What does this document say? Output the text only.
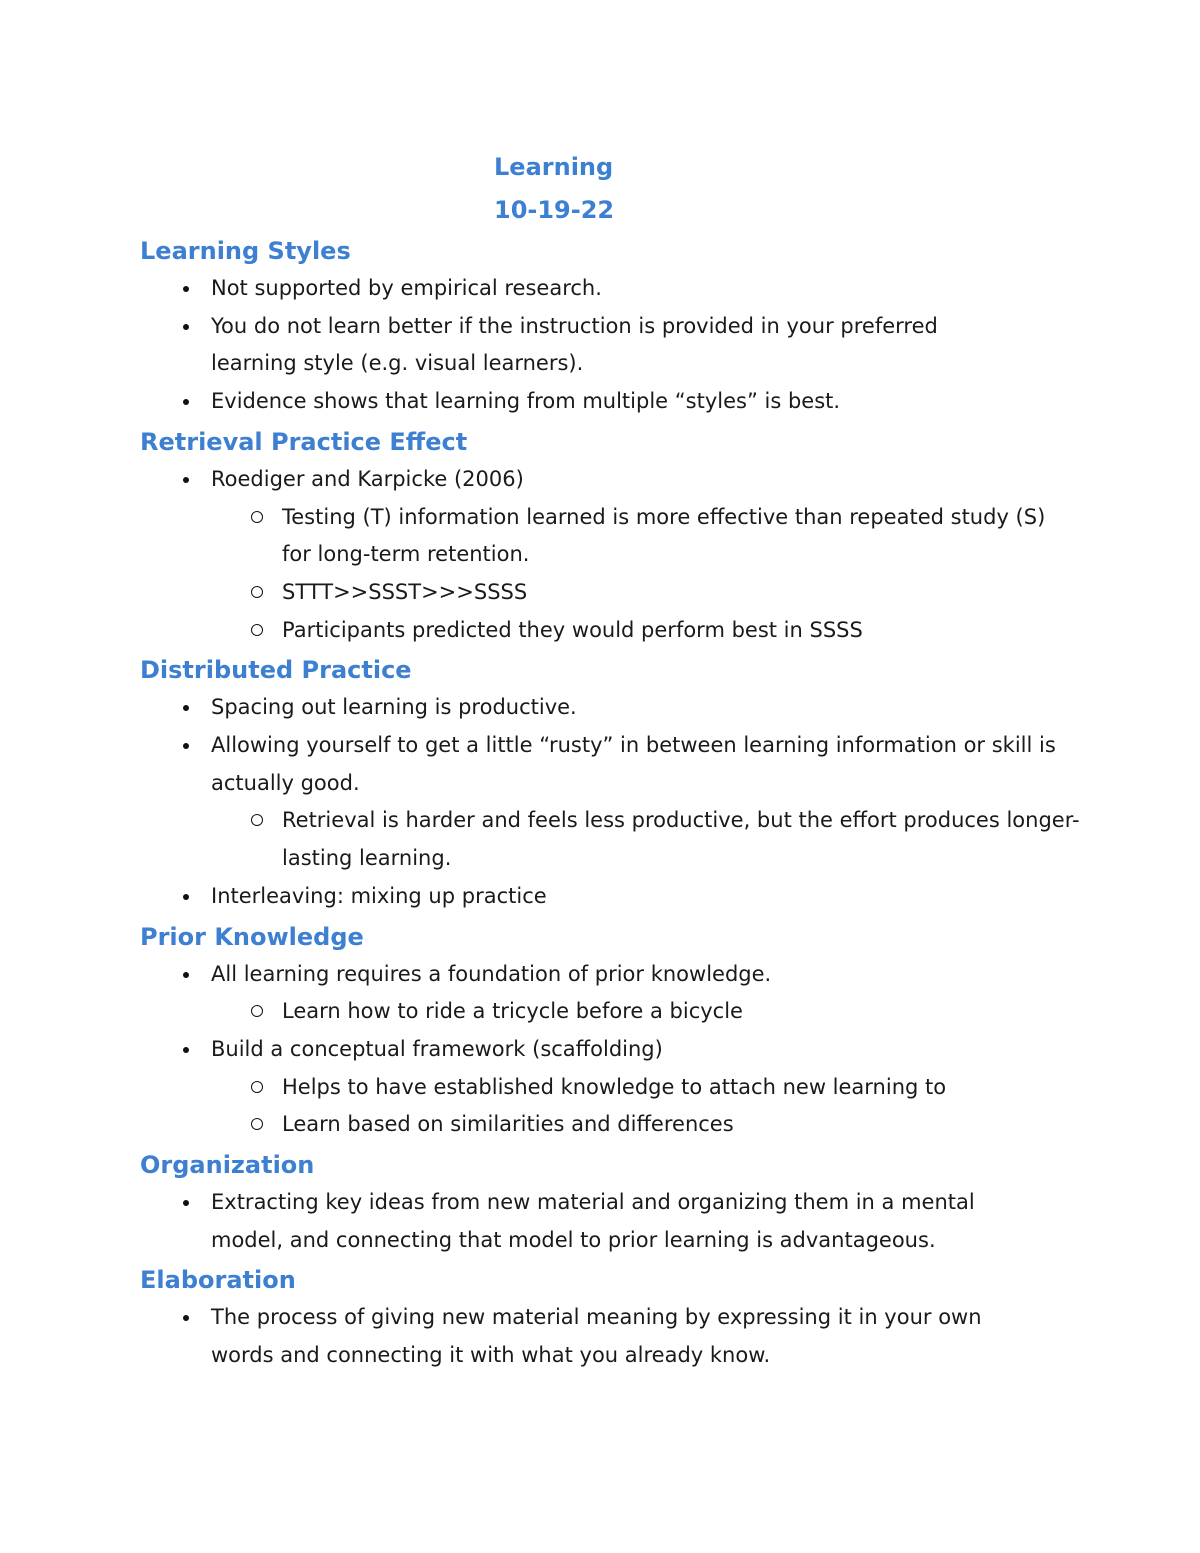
Learning
10-19-22
Learning Styles
Not supported by empirical research.
You do not learn better if the instruction is provided in your preferred learning style (e.g. visual learners).
Evidence shows that learning from multiple “styles” is best.
Retrieval Practice Effect
Roediger and Karpicke (2006)
Testing (T) information learned is more effective than repeated study (S) for long-term retention.
STTT>>SSST>>>SSSS
Participants predicted they would perform best in SSSS
Distributed Practice
Spacing out learning is productive.
Allowing yourself to get a little “rusty” in between learning information or skill is actually good.
Retrieval is harder and feels less productive, but the effort produces longer-lasting learning.
Interleaving: mixing up practice
Prior Knowledge
All learning requires a foundation of prior knowledge.
Learn how to ride a tricycle before a bicycle
Build a conceptual framework (scaffolding)
Helps to have established knowledge to attach new learning to
Learn based on similarities and differences
Organization
Extracting key ideas from new material and organizing them in a mental model, and connecting that model to prior learning is advantageous.
Elaboration
The process of giving new material meaning by expressing it in your own words and connecting it with what you already know.
